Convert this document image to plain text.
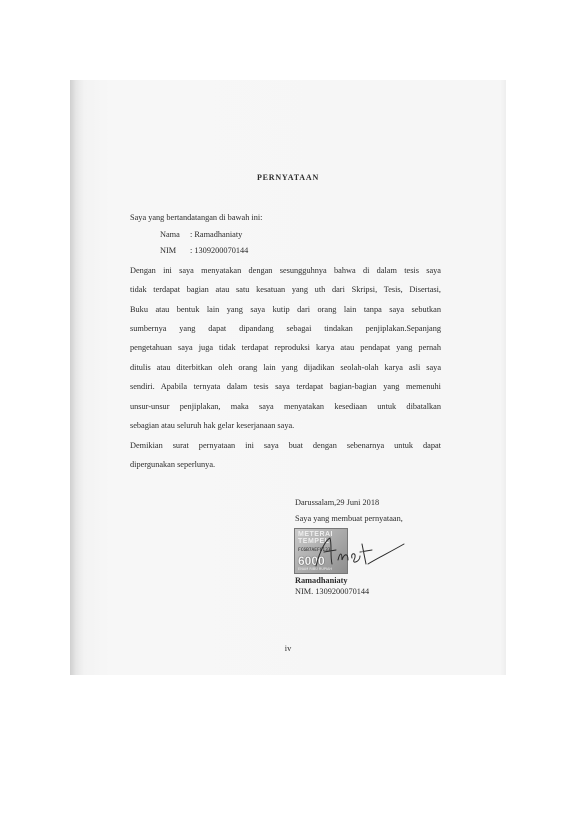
PERNYATAAN
Saya yang bertandatangan di bawah ini:
Nama : Ramadhaniaty
NIM : 1309200070144
Dengan ini saya menyatakan dengan sesungguhnya bahwa di dalam tesis saya
tidak terdapat bagian atau satu kesatuan yang uth dari Skripsi, Tesis, Disertasi,
Buku atau bentuk lain yang saya kutip dari orang lain tanpa saya sebutkan
sumbernya yang dapat dipandang sebagai tindakan penjiplakan.Sepanjang
pengetahuan saya juga tidak terdapat reproduksi karya atau pendapat yang pernah
ditulis atau diterbitkan oleh orang lain yang dijadikan seolah-olah karya asli saya
sendiri. Apabila ternyata dalam tesis saya terdapat bagian-bagian yang memenuhi
unsur-unsur penjiplakan, maka saya menyatakan kesediaan untuk dibatalkan
sebagian atau seluruh hak gelar keserjanaan saya.
Demikian surat pernyataan ini saya buat dengan sebenarnya untuk dapat
dipergunakan seperlunya.
Darussalam,29 Juni 2018
Saya yang membuat pernyataan,
METERAI
TEMPEL
FC6B7AEF6133
6000
ENAM RIBU RUPIAH
Ramadhaniaty
NIM. 1309200070144
iv
